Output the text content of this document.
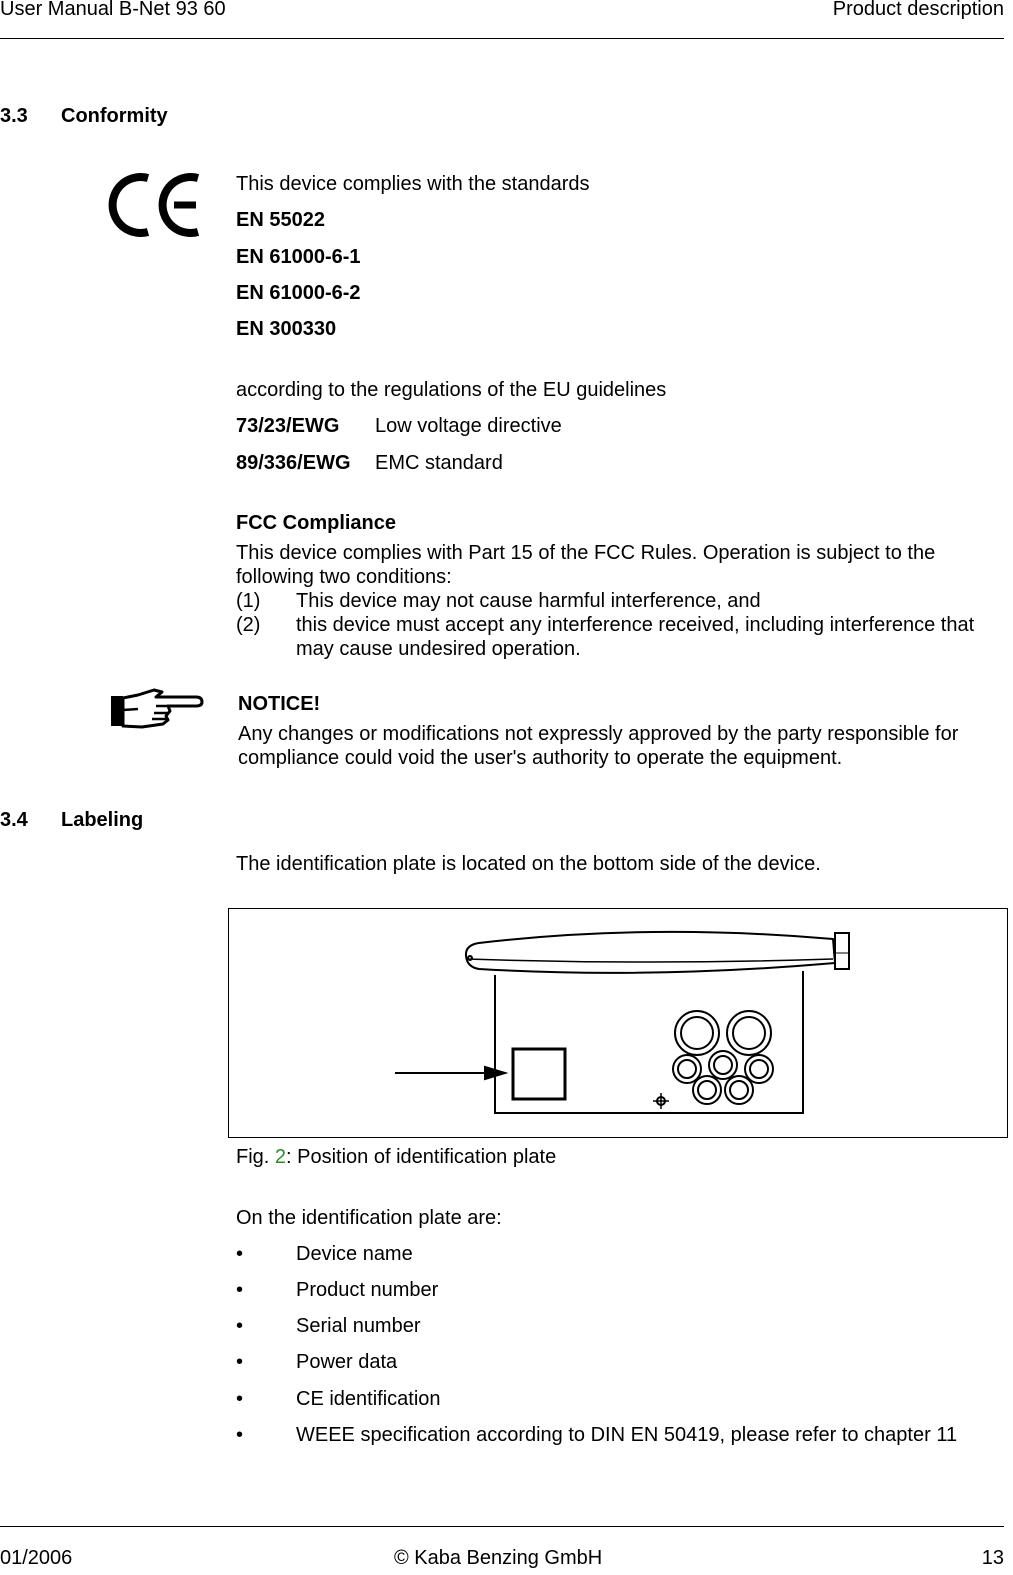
User Manual B-Net 93 60	Product description
3.3 Conformity
This device complies with the standards
EN 55022
EN 61000-6-1
EN 61000-6-2
EN 300330
according to the regulations of the EU guidelines
73/23/EWG Low voltage directive
89/336/EWG EMC standard
FCC Compliance
This device complies with Part 15 of the FCC Rules. Operation is subject to the
following two conditions:
(1) This device may not cause harmful interference, and
(2) this device must accept any interference received, including interference that
may cause undesired operation.
NOTICE!
Any changes or modifications not expressly approved by the party responsible for
compliance could void the user's authority to operate the equipment.
3.4 Labeling
The identification plate is located on the bottom side of the device.
Fig. 2: Position of identification plate
On the identification plate are:
•	Device name
•	Product number
•	Serial number
•	Power data
•	CE identification
•	WEEE specification according to DIN EN 50419, please refer to chapter 11
01/2006	© Kaba Benzing GmbH	13
